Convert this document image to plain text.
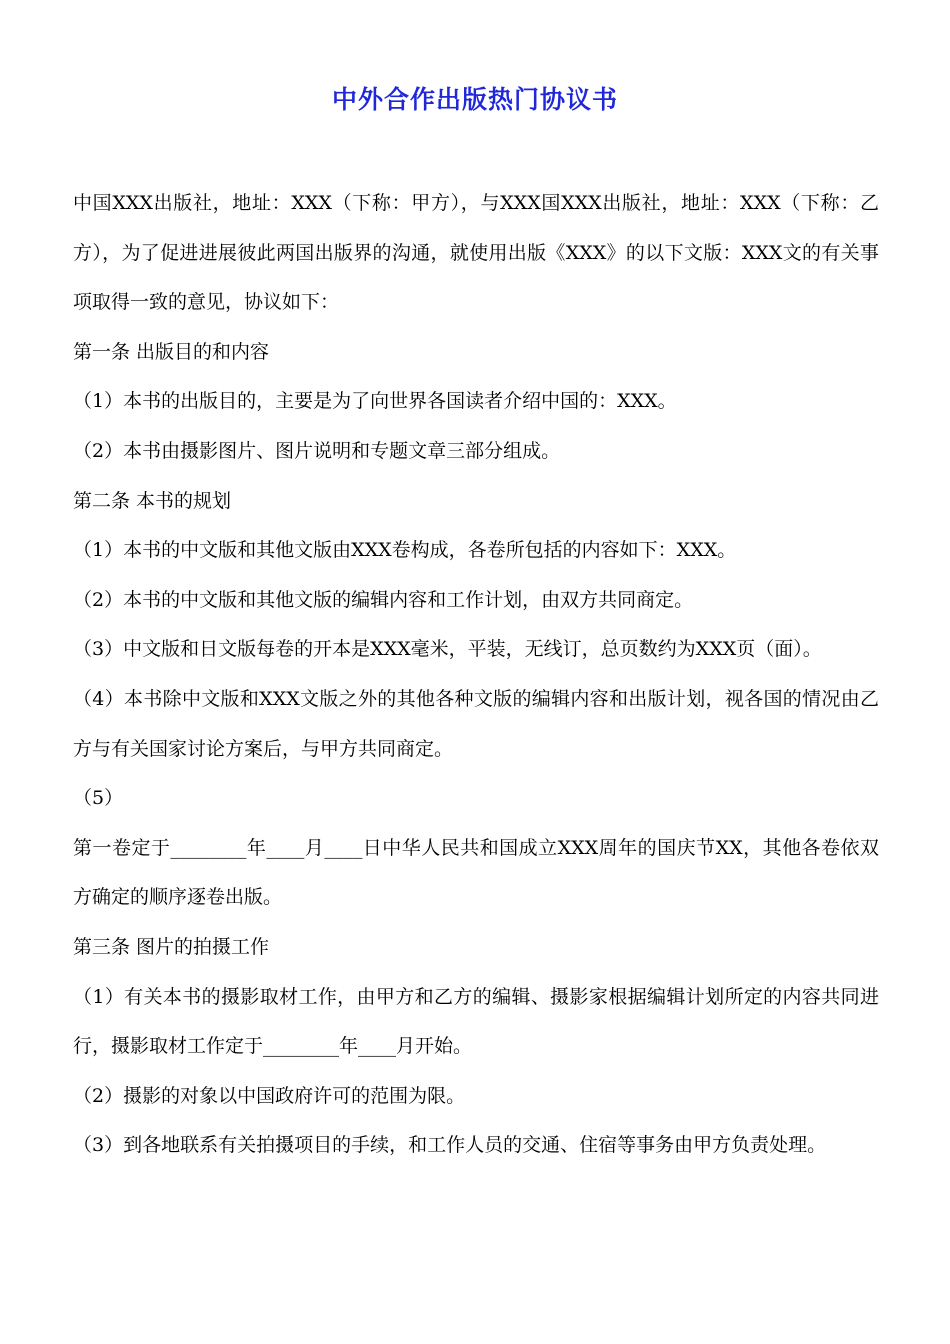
中外合作出版热门协议书

中国XXX出版社，地址：XXX（下称：甲方），与XXX国XXX出版社，地址：XXX（下称：乙方），为了促进进展彼此两国出版界的沟通，就使用出版《XXX》的以下文版：XXX文的有关事项取得一致的意见，协议如下：

第一条 出版目的和内容

（1）本书的出版目的，主要是为了向世界各国读者介绍中国的：XXX。

（2）本书由摄影图片、图片说明和专题文章三部分组成。

第二条 本书的规划

（1）本书的中文版和其他文版由XXX卷构成，各卷所包括的内容如下：XXX。

（2）本书的中文版和其他文版的编辑内容和工作计划，由双方共同商定。

（3）中文版和日文版每卷的开本是XXX毫米，平装，无线订，总页数约为XXX页（面）。

（4）本书除中文版和XXX文版之外的其他各种文版的编辑内容和出版计划，视各国的情况由乙方与有关国家讨论方案后，与甲方共同商定。

（5）

第一卷定于________年____月____日中华人民共和国成立XXX周年的国庆节XX，其他各卷依双方确定的顺序逐卷出版。

第三条 图片的拍摄工作

（1）有关本书的摄影取材工作，由甲方和乙方的编辑、摄影家根据编辑计划所定的内容共同进行，摄影取材工作定于________年____月开始。

（2）摄影的对象以中国政府许可的范围为限。

（3）到各地联系有关拍摄项目的手续，和工作人员的交通、住宿等事务由甲方负责处理。
